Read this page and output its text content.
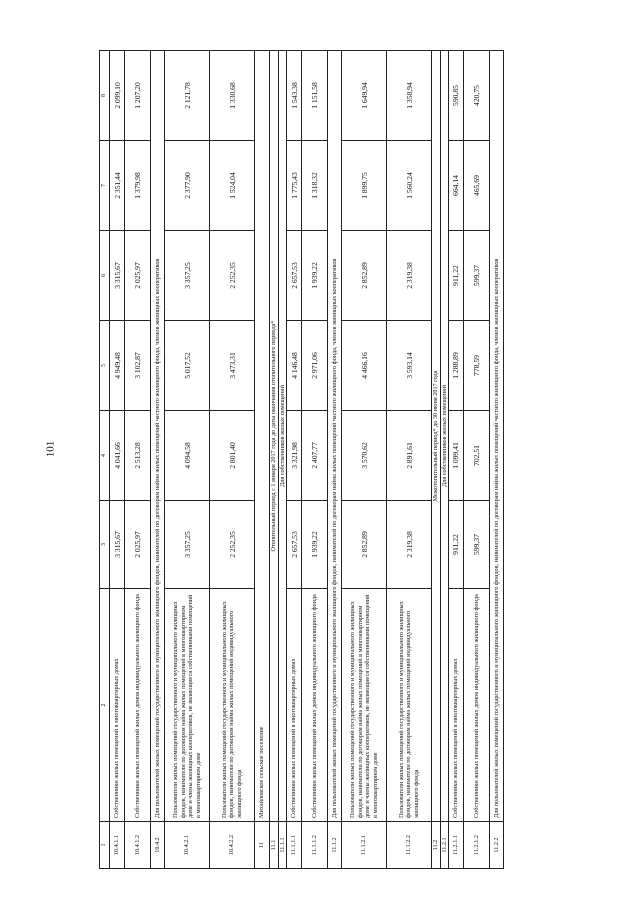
101
1	2	3	4	5	6	7	8
10.4.1.1	Собственники жилых помещений в многоквартирных домах	3 315,67	4 041,66	4 949,48	3 315,67	2 351,44	2 099,10
10.4.1.2	Собственники жилых помещений жилых домов индивидуального жилищного фонда	2 025,97	2 513,28	3 102,87	2 025,97	1 379,98	1 207,20
10.4.2	Для пользователей жилых помещений государственного и муниципального жилищного фондов, нанимателей по договорам найма жилых помещений частного жилищного фонда, членов жилищных кооперативов						
10.4.2.1	Пользователи жилых помещений государственного и муниципального жилищных фондов, наниматели по договорам найма жилых помещений в многоквартирном доме и члены жилищных кооперативов, не являющиеся собственниками помещений в многоквартирном доме	3 357,25	4 094,58	5 017,52	3 357,25	2 377,90	2 121,78
10.4.2.2	Пользователи жилых помещений государственного и муниципального жилищных фондов, наниматели по договорам найма жилых помещений индивидуального жилищного фонда	2 252,35	2 801,40	3 473,31	2 252,35	1 524,04	1 330,68
11	Михайловское сельское поселение						
11.1	Отопительный период с 1 января 2017 года до даты окончания отопительного периода*						
11.1.1	Для собственников жилых помещений						
11.1.1.1	Собственники жилых помещений в многоквартирных домах	2 657,53	3 321,98	4 146,48	2 657,53	1 775,43	1 543,38
11.1.1.2	Собственники жилых помещений жилых домов индивидуального жилищного фонда	1 939,22	2 407,77	2 971,06	1 939,22	1 318,32	1 151,58
11.1.2	Для пользователей жилых помещений государственного и муниципального жилищного фондов, нанимателей по договорам найма жилых помещений частного жилищного фонда, членов жилищных кооперативов						
11.1.2.1	Пользователи жилых помещений государственного и муниципального жилищных фондов, наниматели по договорам найма жилых помещений в многоквартирном доме и члены жилищных кооперативов, не являющиеся собственниками помещений в многоквартирном доме	2 852,89	3 570,62	4 466,16	2 852,89	1 899,75	1 649,94
11.1.2.2	Пользователи жилых помещений государственного и муниципального жилищных фондов, наниматели по договорам найма жилых помещений индивидуального жилищного фонда	2 319,38	2 891,61	3 593,14	2 319,38	1 560,24	1 358,94
11.2	Межотопительный период* до 30 июня 2017 года						
11.2.1	Для собственников жилых помещений						
11.2.1.1	Собственники жилых помещений в многоквартирных домах	911,22	1 099,41	1 288,89	911,22	664,14	590,85
11.2.1.2	Собственники жилых помещений жилых домов индивидуального жилищного фонда	599,37	702,51	778,59	599,37	465,69	420,75
11.2.2	Для пользователей жилых помещений государственного и муниципального жилищного фондов, нанимателей по договорам найма жилых помещений частного жилищного фонда, членов жилищных кооперативов						
